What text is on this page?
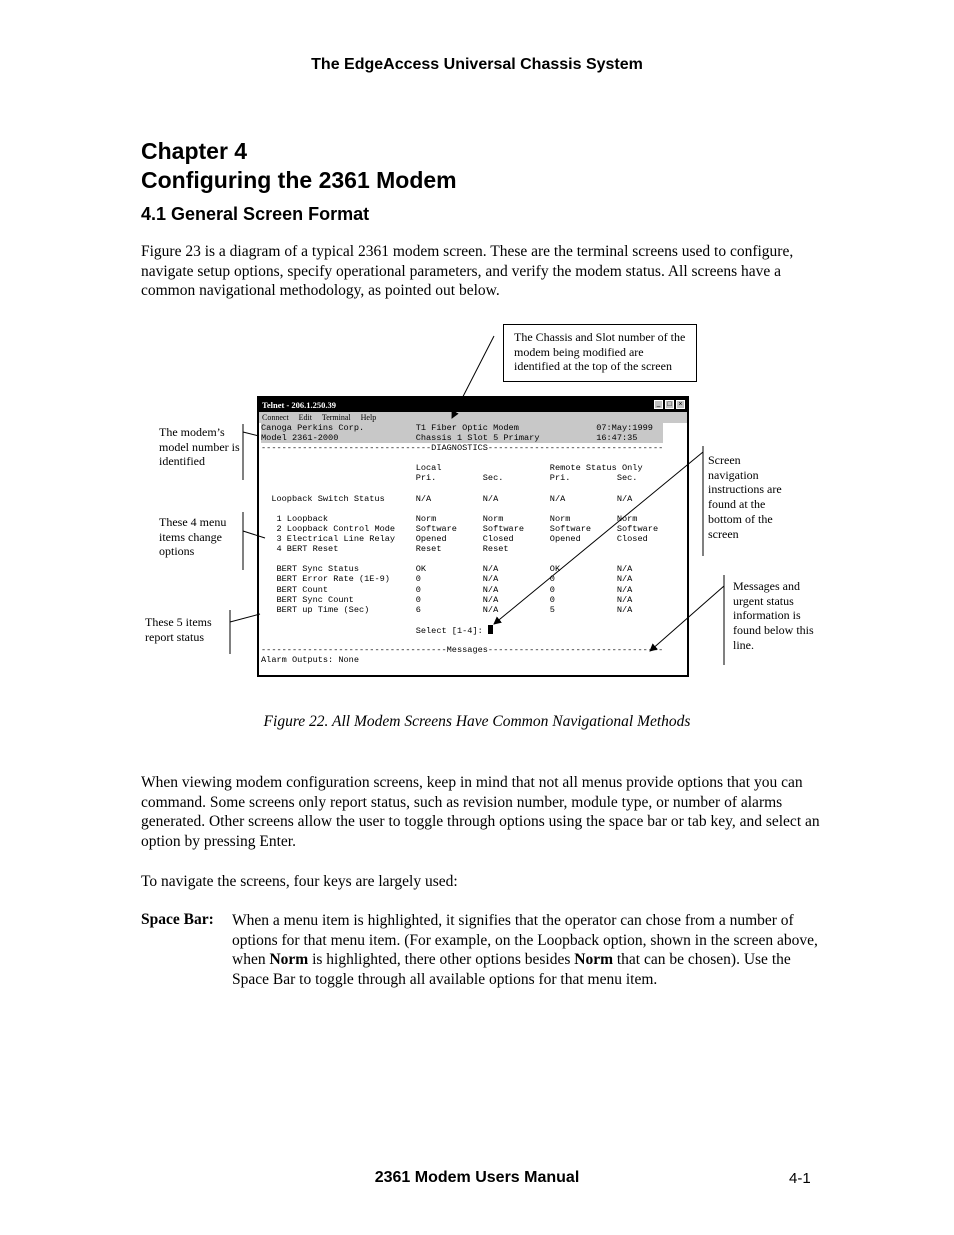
The EdgeAccess Universal Chassis System
Chapter 4
Configuring the 2361 Modem
4.1 General Screen Format
Figure 23 is a diagram of a typical 2361 modem screen. These are the terminal screens used to configure, navigate setup options, specify operational parameters, and verify the modem status. All screens have a common navigational methodology, as pointed out below.
The Chassis and Slot number of the modem being modified are identified at the top of the screen
The modem’s model number is identified
These 4 menu items change options
These 5 items report status
Screen navigation instructions are found at the bottom of the screen
Messages and urgent status information is found below this line.
Telnet - 206.1.250.39	_	□ ×
Connect Edit Terminal Help
Canoga Perkins Corp.          T1 Fiber Optic Modem               07:May:1999
Model 2361-2000               Chassis 1 Slot 5 Primary           16:47:35
---------------------------------DIAGNOSTICS----------------------------------
Local                     Remote Status Only
Pri.         Sec.         Pri.         Sec.
Loopback Switch Status      N/A          N/A          N/A          N/A
1 Loopback                 Norm         Norm         Norm         Norm
2 Loopback Control Mode    Software     Software     Software     Software
3 Electrical Line Relay    Opened       Closed       Opened       Closed
4 BERT Reset               Reset        Reset
BERT Sync Status           OK           N/A          OK           N/A
BERT Error Rate (1E-9)     0            N/A          0            N/A
BERT Count                 0            N/A          0            N/A
BERT Sync Count            0            N/A          0            N/A
BERT up Time (Sec)         6            N/A          5            N/A
Select [1-4]:
------------------------------------Messages----------------------------------
Alarm Outputs: None
Figure 22. All Modem Screens Have Common Navigational Methods
When viewing modem configuration screens, keep in mind that not all menus provide options that you can command. Some screens only report status, such as revision number, module type, or number of alarms generated. Other screens allow the user to toggle through options using the space bar or tab key, and select an option by pressing Enter.
To navigate the screens, four keys are largely used:
Space Bar: When a menu item is highlighted, it signifies that the operator can chose from a number of options for that menu item. (For example, on the Loopback option, shown in the screen above, when Norm is highlighted, there other options besides Norm that can be chosen). Use the Space Bar to toggle through all available options for that menu item.
2361 Modem Users Manual	4-1
